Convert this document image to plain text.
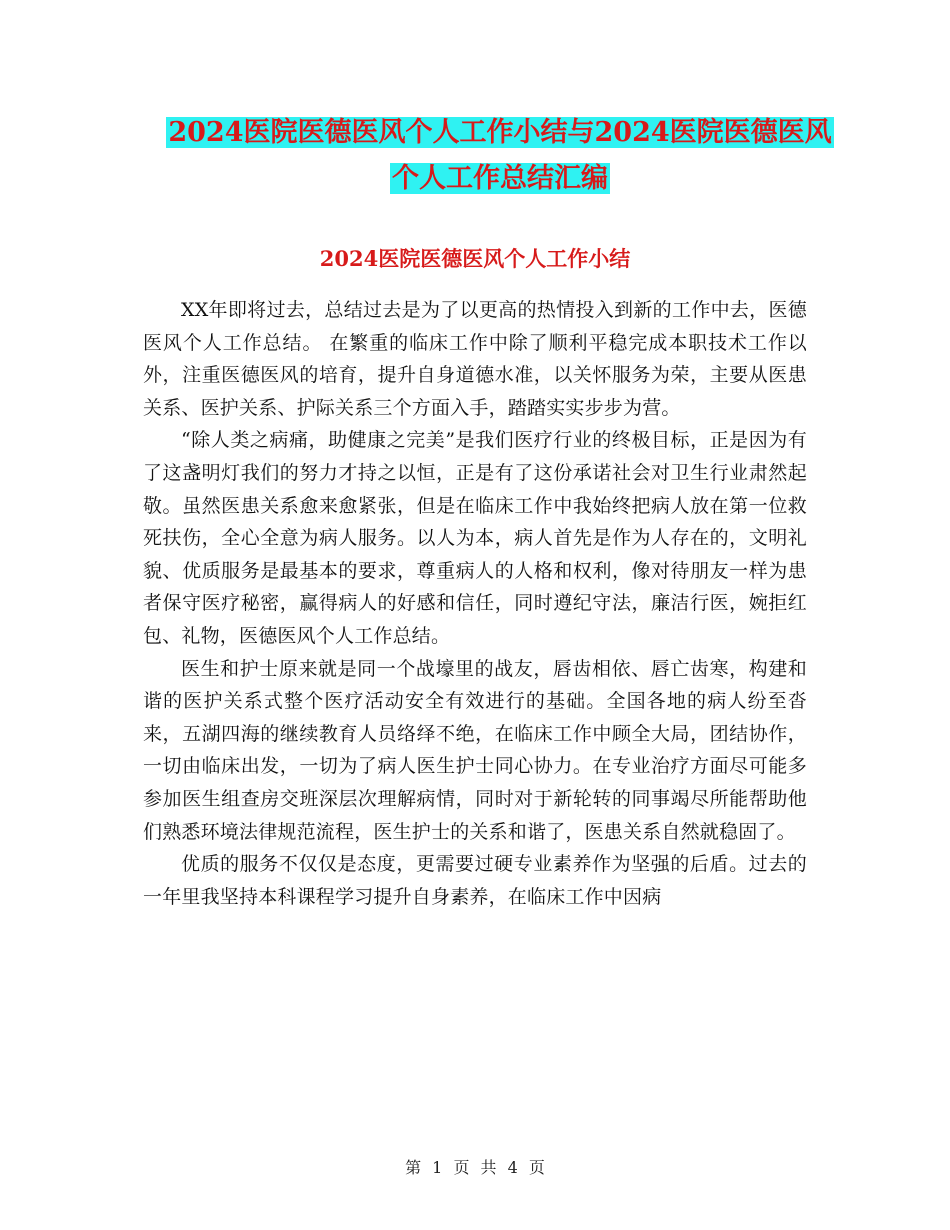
2024医院医德医风个人工作小结与2024医院医德医风
个人工作总结汇编
2024医院医德医风个人工作小结

XX年即将过去，总结过去是为了以更高的热情投入到新的工作中去，医德医风个人工作总结。 在繁重的临床工作中除了顺利平稳完成本职技术工作以外，注重医德医风的培育，提升自身道德水准，以关怀服务为荣，主要从医患关系、医护关系、护际关系三个方面入手，踏踏实实步步为营。

“除人类之病痛，助健康之完美”是我们医疗行业的终极目标，正是因为有了这盏明灯我们的努力才持之以恒，正是有了这份承诺社会对卫生行业肃然起敬。虽然医患关系愈来愈紧张，但是在临床工作中我始终把病人放在第一位救死扶伤，全心全意为病人服务。以人为本，病人首先是作为人存在的，文明礼貌、优质服务是最基本的要求，尊重病人的人格和权利，像对待朋友一样为患者保守医疗秘密，赢得病人的好感和信任，同时遵纪守法，廉洁行医，婉拒红包、礼物，医德医风个人工作总结。

医生和护士原来就是同一个战壕里的战友，唇齿相依、唇亡齿寒，构建和谐的医护关系式整个医疗活动安全有效进行的基础。全国各地的病人纷至沓来，五湖四海的继续教育人员络绎不绝，在临床工作中顾全大局，团结协作，一切由临床出发，一切为了病人医生护士同心协力。在专业治疗方面尽可能多参加医生组查房交班深层次理解病情，同时对于新轮转的同事竭尽所能帮助他们熟悉环境法律规范流程，医生护士的关系和谐了，医患关系自然就稳固了。

优质的服务不仅仅是态度，更需要过硬专业素养作为坚强的后盾。过去的一年里我坚持本科课程学习提升自身素养，在临床工作中因病

第 1 页 共 4 页
